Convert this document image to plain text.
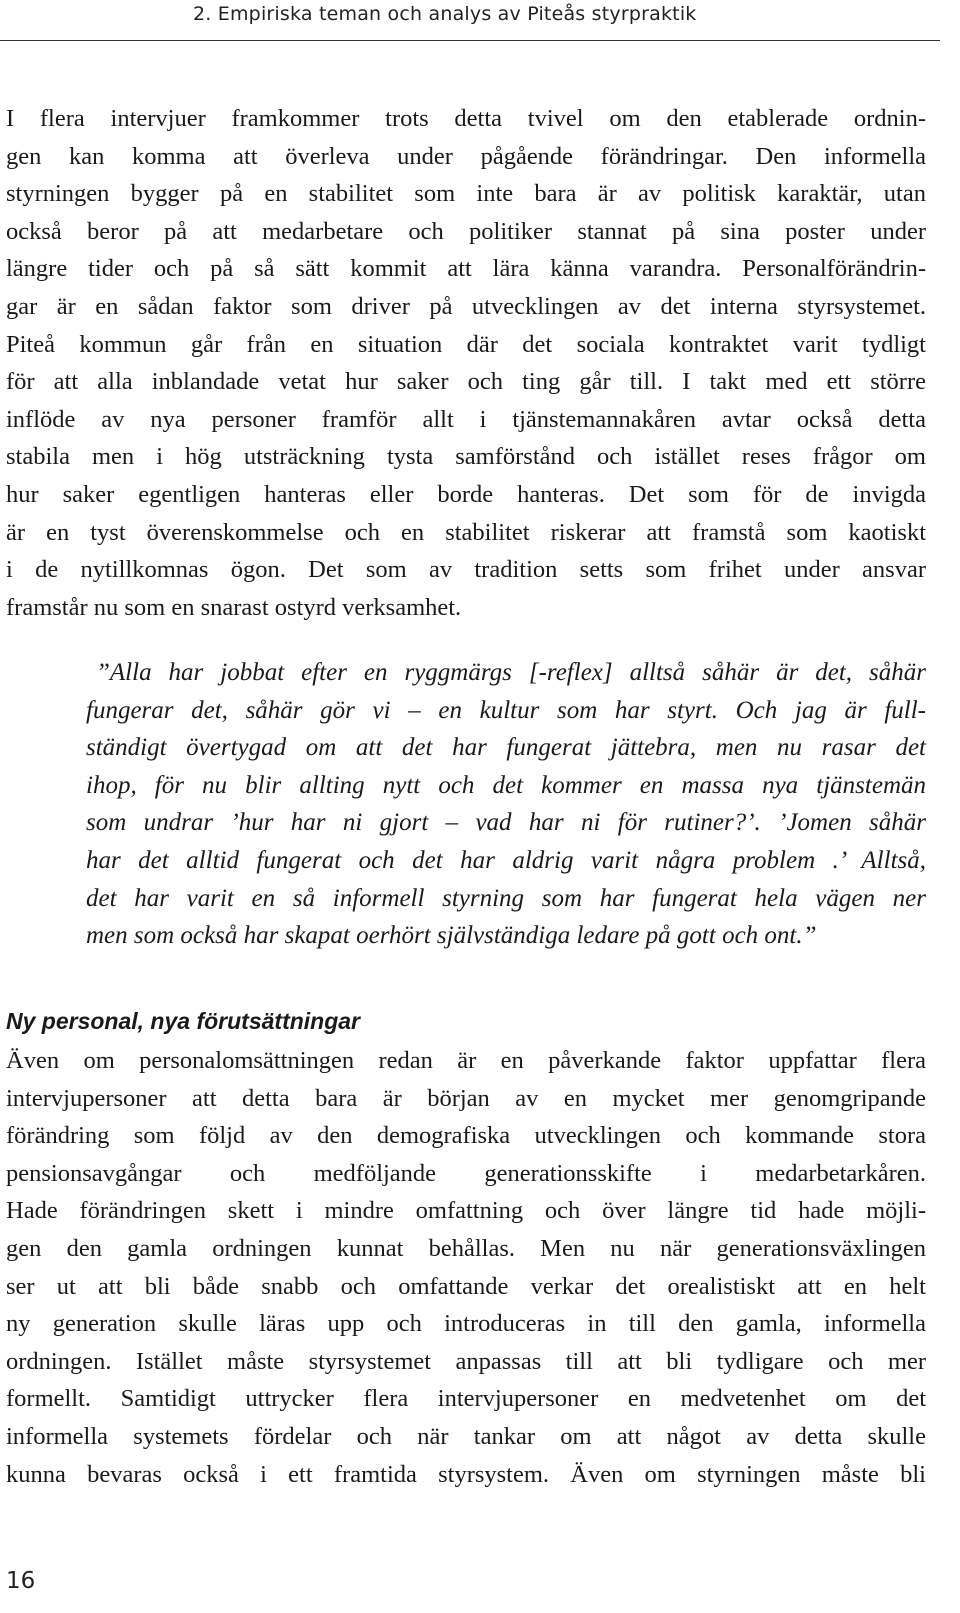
2. Empiriska teman och analys av Piteås styrpraktik
I flera intervjuer framkommer trots detta tvivel om den etablerade ordnin-
gen kan komma att överleva under pågående förändringar. Den informella
styrningen bygger på en stabilitet som inte bara är av politisk karaktär, utan
också beror på att medarbetare och politiker stannat på sina poster under
längre tider och på så sätt kommit att lära känna varandra. Personalförändrin-
gar är en sådan faktor som driver på utvecklingen av det interna styrsystemet.
Piteå kommun går från en situation där det sociala kontraktet varit tydligt
för att alla inblandade vetat hur saker och ting går till. I takt med ett större
inflöde av nya personer framför allt i tjänstemannakåren avtar också detta
stabila men i hög utsträckning tysta samförstånd och istället reses frågor om
hur saker egentligen hanteras eller borde hanteras. Det som för de invigda
är en tyst överenskommelse och en stabilitet riskerar att framstå som kaotiskt
i de nytillkomnas ögon. Det som av tradition setts som frihet under ansvar
framstår nu som en snarast ostyrd verksamhet.
”Alla har jobbat efter en ryggmärgs [-reflex] alltså såhär är det, såhär
fungerar det, såhär gör vi – en kultur som har styrt. Och jag är full-
ständigt övertygad om att det har fungerat jättebra, men nu rasar det
ihop, för nu blir allting nytt och det kommer en massa nya tjänstemän
som undrar ’hur har ni gjort – vad har ni för rutiner?’. ’Jomen såhär
har det alltid fungerat och det har aldrig varit några problem .’ Alltså,
det har varit en så informell styrning som har fungerat hela vägen ner
men som också har skapat oerhört självständiga ledare på gott och ont.”
Ny personal, nya förutsättningar
Även om personalomsättningen redan är en påverkande faktor uppfattar flera
intervjupersoner att detta bara är början av en mycket mer genomgripande
förändring som följd av den demografiska utvecklingen och kommande stora
pensionsavgångar och medföljande generationsskifte i medarbetarkåren.
Hade förändringen skett i mindre omfattning och över längre tid hade möjli-
gen den gamla ordningen kunnat behållas. Men nu när generationsväxlingen
ser ut att bli både snabb och omfattande verkar det orealistiskt att en helt
ny generation skulle läras upp och introduceras in till den gamla, informella
ordningen. Istället måste styrsystemet anpassas till att bli tydligare och mer
formellt. Samtidigt uttrycker flera intervjupersoner en medvetenhet om det
informella systemets fördelar och när tankar om att något av detta skulle
kunna bevaras också i ett framtida styrsystem. Även om styrningen måste bli
16
